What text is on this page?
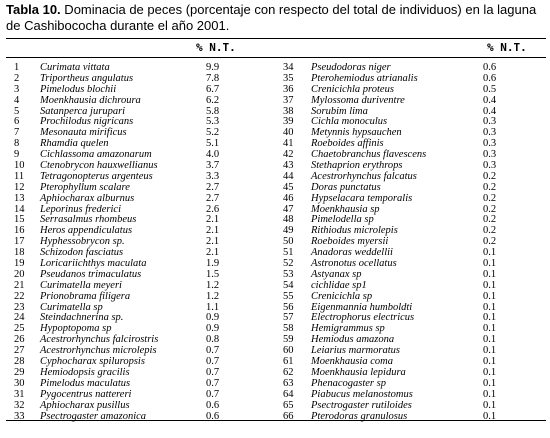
Tabla 10. Dominacia de peces (porcentaje con respecto del total de individuos) en la laguna de Cashibococha durante el año 2001.
% N.T.	% N.T.
1	Curimata vittata	9.9
2	Triportheus angulatus	7.8
3	Pimelodus blochii	6.7
4	Moenkhausia dichroura	6.2
5	Satanperca jurupari	5.8
6	Prochilodus nigricans	5.3
7	Mesonauta mirificus	5.2
8	Rhamdia quelen	5.1
9	Cichlassoma amazonarum	4.0
10	Ctenobrycon hauxwellianus	3.7
11	Tetragonopterus argenteus	3.3
12	Pterophyllum scalare	2.7
13	Aphiocharax alburnus	2.7
14	Leporinus frederici	2.6
15	Serrasalmus rhombeus	2.1
16	Heros appendiculatus	2.1
17	Hyphessobrycon sp.	2.1
18	Schizodon fasciatus	2.1
19	Loricariichthys maculata	1.9
20	Pseudanos trimaculatus	1.5
21	Curimatella meyeri	1.2
22	Prionobrama filigera	1.2
23	Curimatella sp	1.1
24	Steindachnerina sp.	0.9
25	Hypoptopoma sp	0.9
26	Acestrorhynchus falcirostris	0.8
27	Acestrorhynchus microlepis	0.7
28	Cyphocharax spiluropsis	0.7
29	Hemiodopsis gracilis	0.7
30	Pimelodus maculatus	0.7
31	Pygocentrus nattereri	0.7
32	Aphiocharax pusillus	0.6
33	Psectrogaster amazonica	0.6
34	Pseudodoras niger	0.6
35	Pterohemiodus atrianalis	0.6
36	Crenicichla proteus	0.5
37	Mylossoma duriventre	0.4
38	Sorubim lima	0.4
39	Cichla monoculus	0.3
40	Metynnis hypsauchen	0.3
41	Roeboides affinis	0.3
42	Chaetobranchus flavescens	0.3
43	Stethaprion erythrops	0.3
44	Acestrorhynchus falcatus	0.2
45	Doras punctatus	0.2
46	Hypselacara temporalis	0.2
47	Moenkhausia sp	0.2
48	Pimelodella sp	0.2
49	Rithiodus microlepis	0.2
50	Roeboides myersii	0.2
51	Anadoras weddellii	0.1
52	Astronotus ocellatus	0.1
53	Astyanax sp	0.1
54	cichlidae sp1	0.1
55	Crenicichla sp	0.1
56	Eigenmannia humboldti	0.1
57	Electrophorus electricus	0.1
58	Hemigrammus sp	0.1
59	Hemiodus amazona	0.1
60	Leiarius marmoratus	0.1
61	Moenkhausia coma	0.1
62	Moenkhausia lepidura	0.1
63	Phenacogaster sp	0.1
64	Piabucus melanostomus	0.1
65	Psectrogaster rutiloides	0.1
66	Pterodoras granulosus	0.1
